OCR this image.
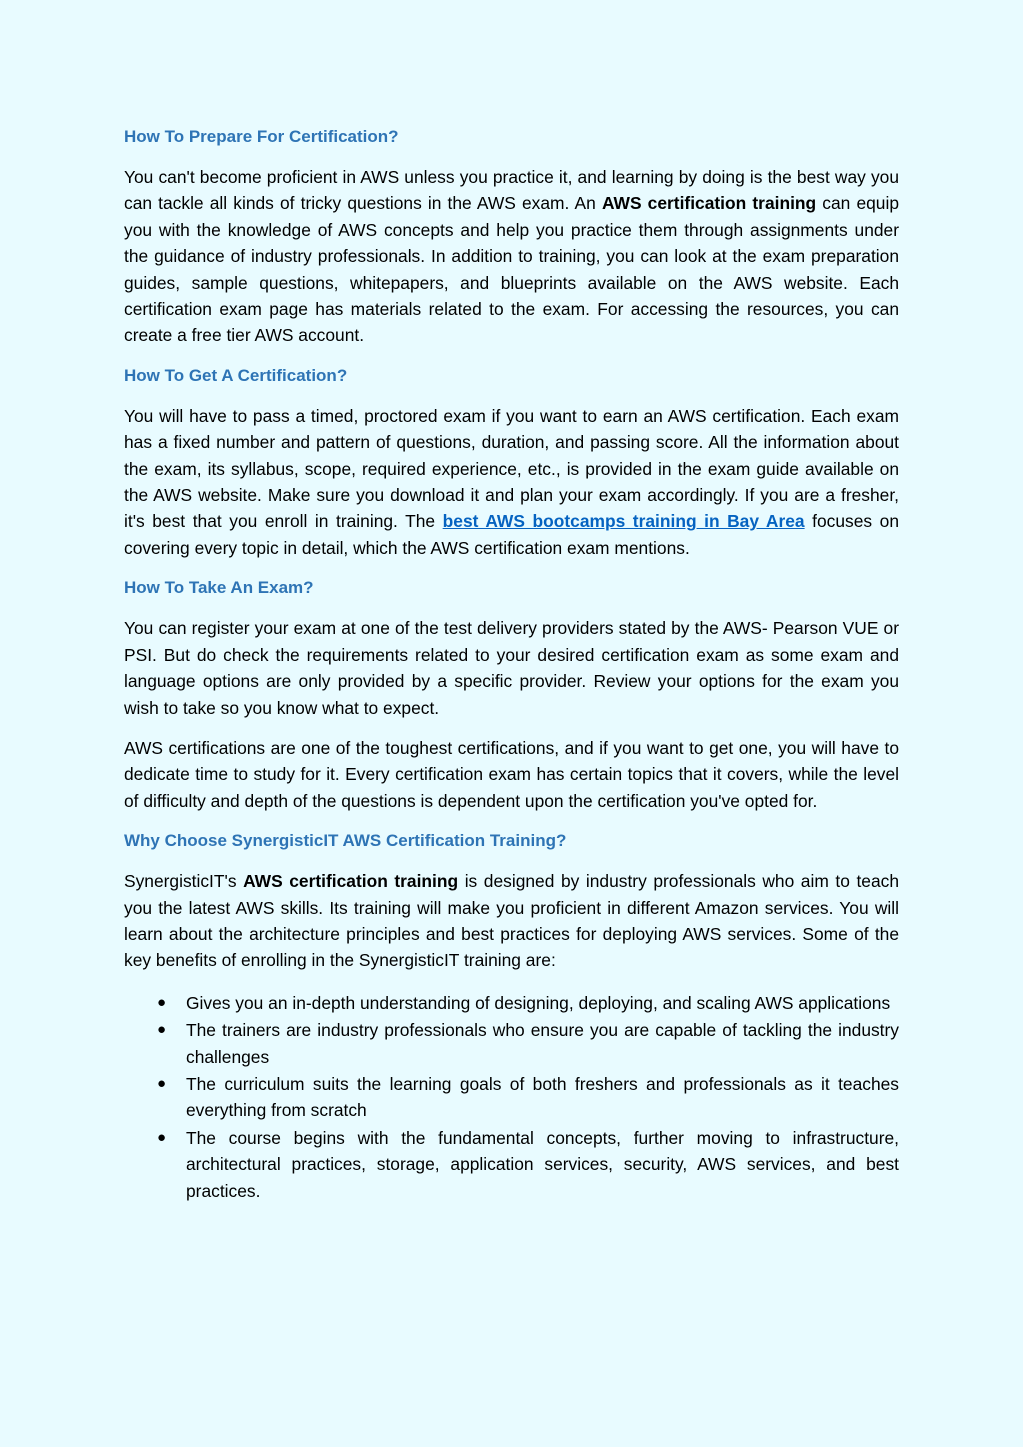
How To Prepare For Certification?

You can't become proficient in AWS unless you practice it, and learning by doing is the best way you can tackle all kinds of tricky questions in the AWS exam. An AWS certification training can equip you with the knowledge of AWS concepts and help you practice them through assignments under the guidance of industry professionals. In addition to training, you can look at the exam preparation guides, sample questions, whitepapers, and blueprints available on the AWS website. Each certification exam page has materials related to the exam. For accessing the resources, you can create a free tier AWS account.

How To Get A Certification?

You will have to pass a timed, proctored exam if you want to earn an AWS certification. Each exam has a fixed number and pattern of questions, duration, and passing score. All the information about the exam, its syllabus, scope, required experience, etc., is provided in the exam guide available on the AWS website. Make sure you download it and plan your exam accordingly. If you are a fresher, it's best that you enroll in training. The best AWS bootcamps training in Bay Area focuses on covering every topic in detail, which the AWS certification exam mentions.

How To Take An Exam?

You can register your exam at one of the test delivery providers stated by the AWS- Pearson VUE or PSI. But do check the requirements related to your desired certification exam as some exam and language options are only provided by a specific provider. Review your options for the exam you wish to take so you know what to expect.

AWS certifications are one of the toughest certifications, and if you want to get one, you will have to dedicate time to study for it. Every certification exam has certain topics that it covers, while the level of difficulty and depth of the questions is dependent upon the certification you've opted for.

Why Choose SynergisticIT AWS Certification Training?

SynergisticIT's AWS certification training is designed by industry professionals who aim to teach you the latest AWS skills. Its training will make you proficient in different Amazon services. You will learn about the architecture principles and best practices for deploying AWS services. Some of the key benefits of enrolling in the SynergisticIT training are:

● Gives you an in-depth understanding of designing, deploying, and scaling AWS applications
● The trainers are industry professionals who ensure you are capable of tackling the industry challenges
● The curriculum suits the learning goals of both freshers and professionals as it teaches everything from scratch
● The course begins with the fundamental concepts, further moving to infrastructure, architectural practices, storage, application services, security, AWS services, and best practices.
